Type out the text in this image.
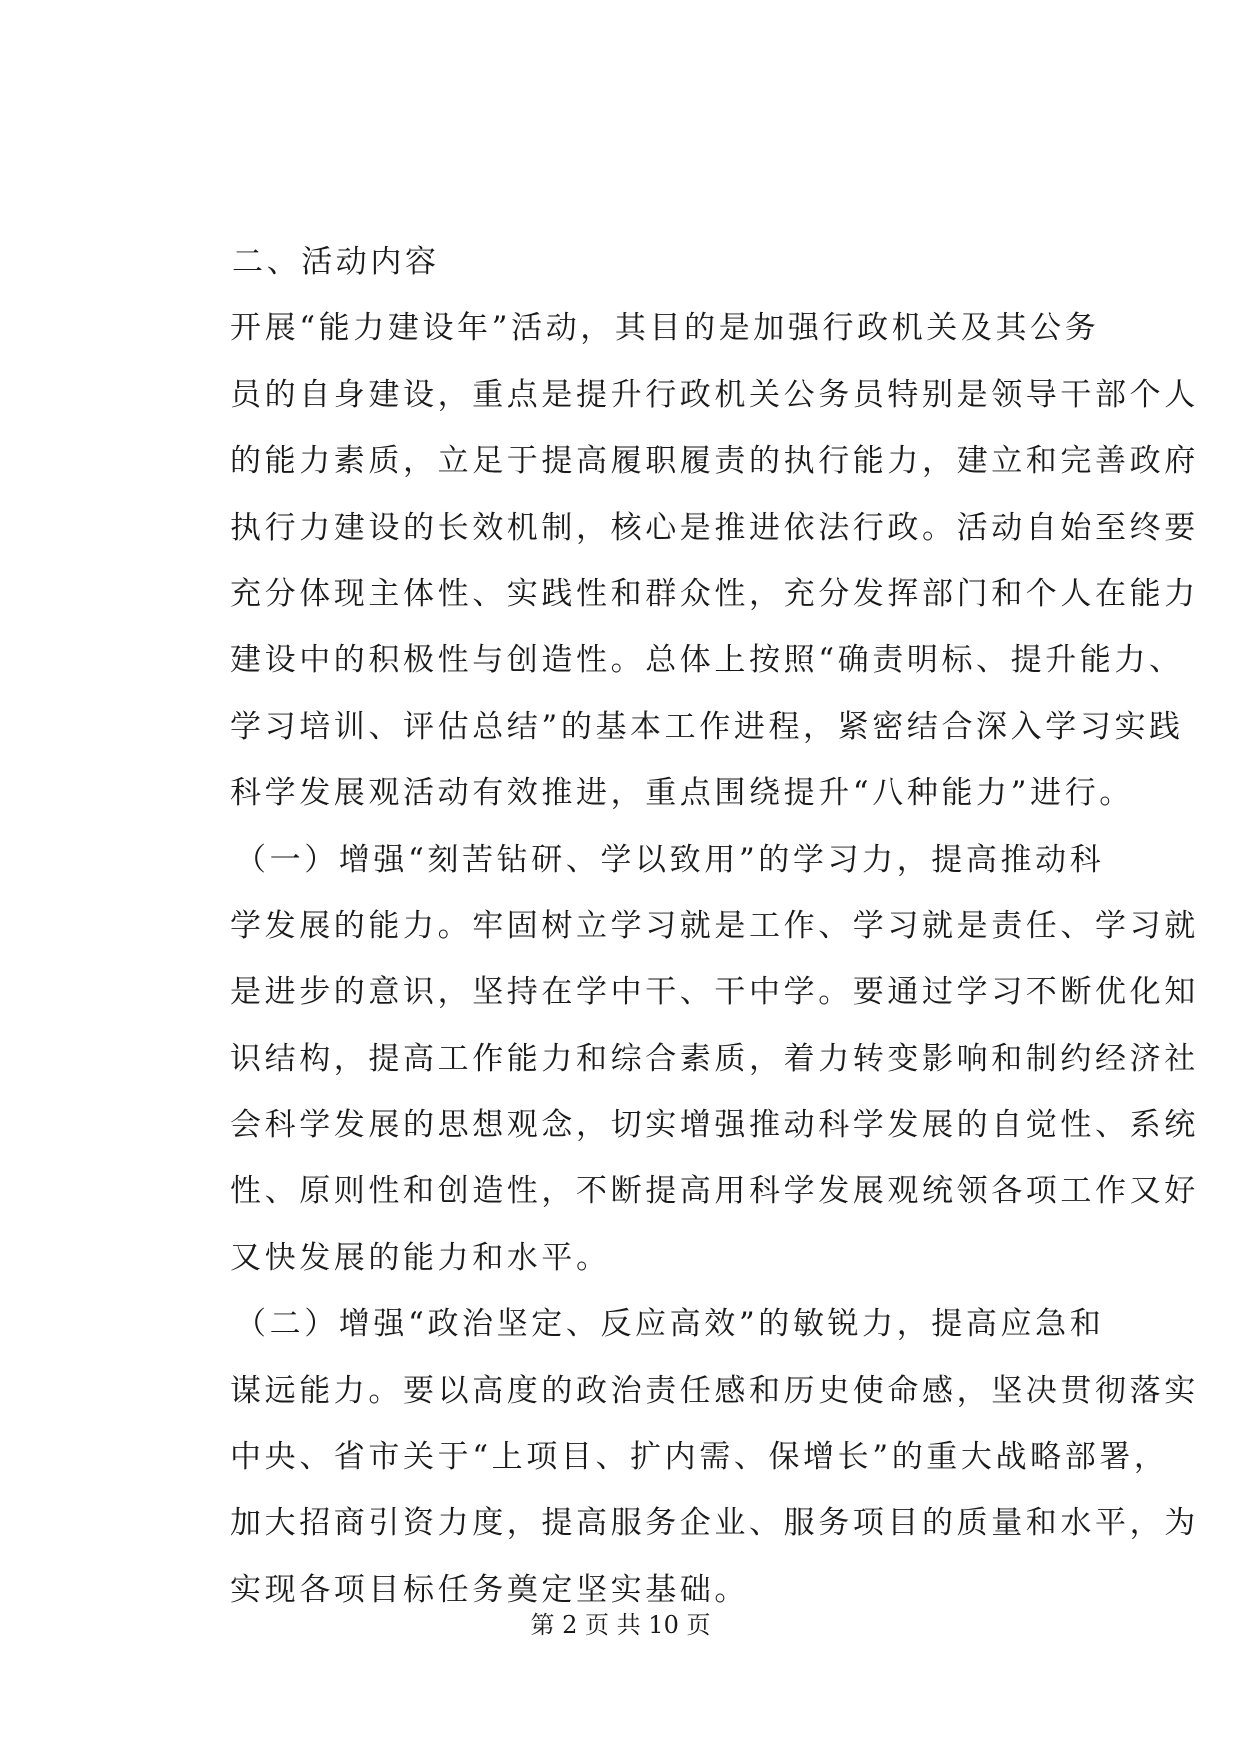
二、活动内容
开展“能力建设年”活动，其目的是加强行政机关及其公务
员的自身建设，重点是提升行政机关公务员特别是领导干部个人
的能力素质，立足于提高履职履责的执行能力，建立和完善政府
执行力建设的长效机制，核心是推进依法行政。活动自始至终要
充分体现主体性、实践性和群众性，充分发挥部门和个人在能力
建设中的积极性与创造性。总体上按照“确责明标、提升能力、
学习培训、评估总结”的基本工作进程，紧密结合深入学习实践
科学发展观活动有效推进，重点围绕提升“八种能力”进行。
（一）增强“刻苦钻研、学以致用”的学习力，提高推动科
学发展的能力。牢固树立学习就是工作、学习就是责任、学习就
是进步的意识，坚持在学中干、干中学。要通过学习不断优化知
识结构，提高工作能力和综合素质，着力转变影响和制约经济社
会科学发展的思想观念，切实增强推动科学发展的自觉性、系统
性、原则性和创造性，不断提高用科学发展观统领各项工作又好
又快发展的能力和水平。
（二）增强“政治坚定、反应高效”的敏锐力，提高应急和
谋远能力。要以高度的政治责任感和历史使命感，坚决贯彻落实
中央、省市关于“上项目、扩内需、保增长”的重大战略部署，
加大招商引资力度，提高服务企业、服务项目的质量和水平，为
实现各项目标任务奠定坚实基础。
第 2 页 共 10 页
